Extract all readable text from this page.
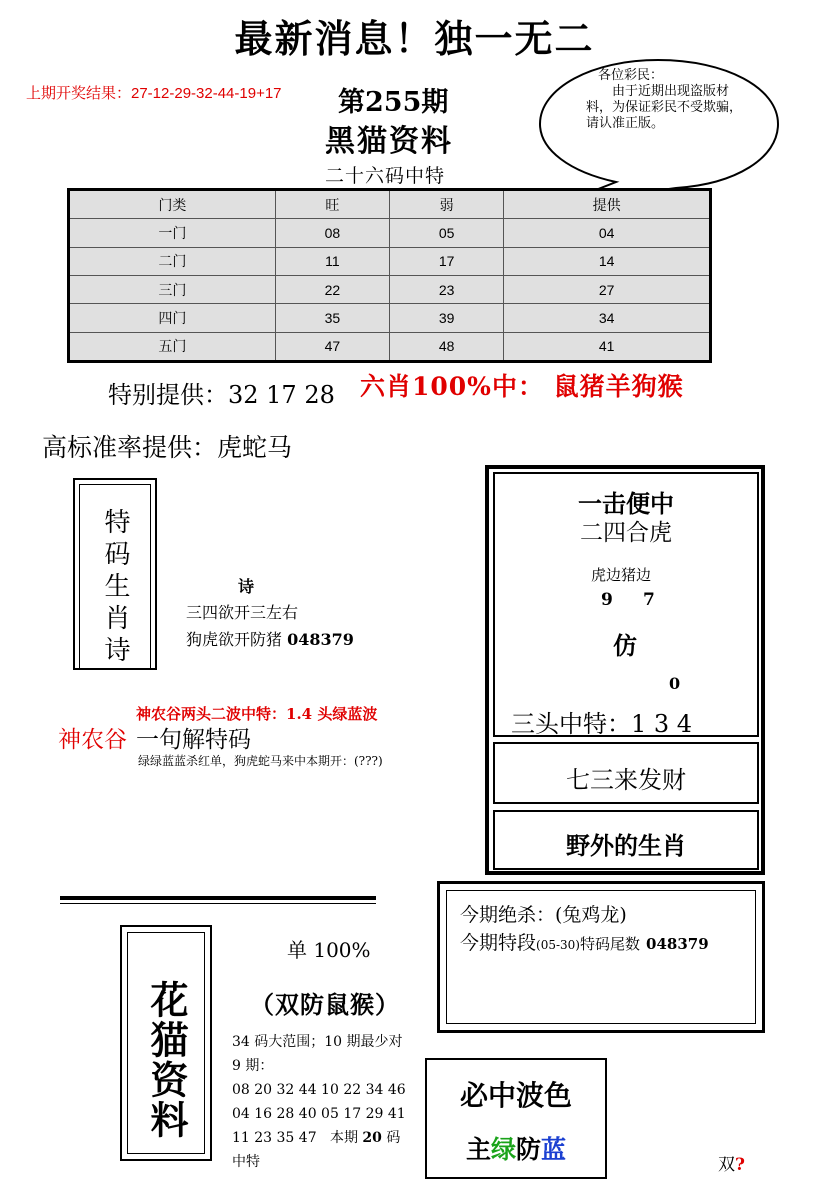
最新消息！独一无二
上期开奖结果：27-12-29-32-44-19+17 第255期
黑猫资料
二十六码中特
各位彩民：
由于近期出现盗版材料，为保证彩民不受欺骗，请认准正版。
门类	旺	弱	提供
一门	08	05	04
二门	11	17	14
三门	22	23	27
四门	35	39	34
五门	47	48	41
特别提供：32 17 28 六肖100%中： 鼠猪羊狗猴
高标准率提供：虎蛇马
特码生肖诗	诗
三四欲开三左右
狗虎欲开防猪 048379
一击便中
二四合虎
虎边猪边
9 7
仿
0
三头中特：1 3 4
七三来发财
野外的生肖
神农谷两头二波中特：1.4 头绿蓝波
神农谷 一句解特码
绿绿蓝蓝杀红单，狗虎蛇马来中本期开：(???)
今期绝杀：(兔鸡龙)
今期特段(05-30)特码尾数 048379
花猫资料
单 100%
（双防鼠猴）
34 码大范围；10 期最少对
9 期：
08 20 32 44 10 22 34 46
04 16 28 40 05 17 29 41
11 23 35 47   本期 20 码
中特
必中波色
主绿防蓝
双?
